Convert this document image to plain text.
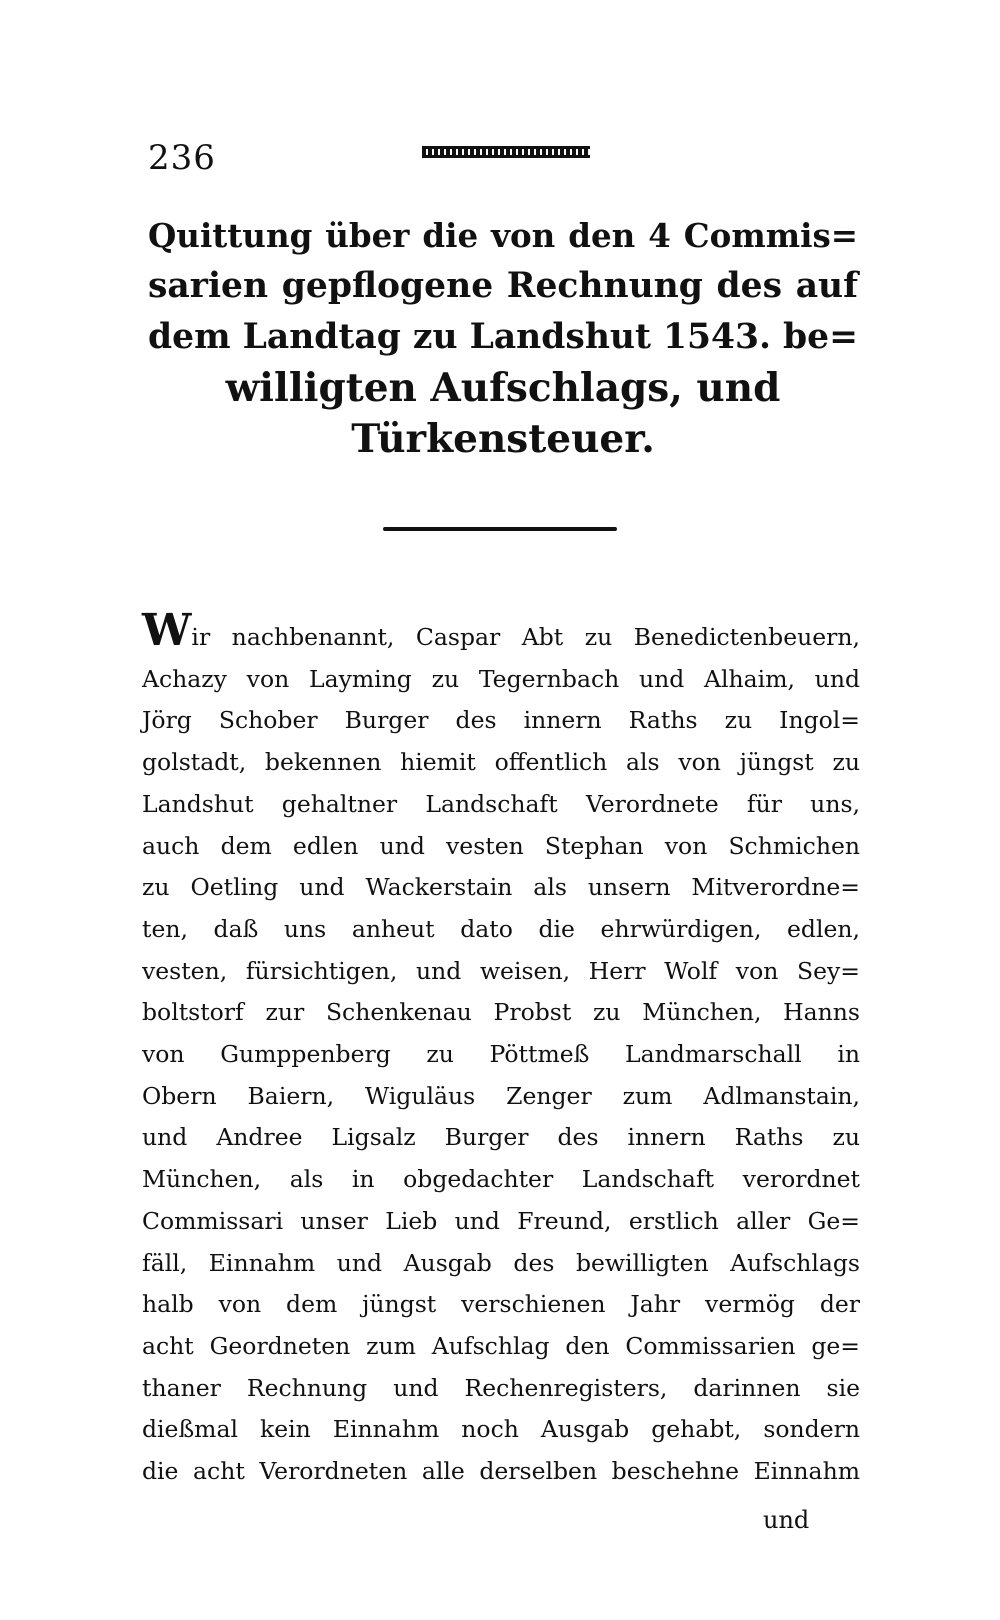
236
Quittung über die von den 4 Commis=
sarien gepflogene Rechnung des auf
dem Landtag zu Landshut 1543. be=
willigten Aufschlags, und
Türkensteuer.
Wir nachbenannt, Caspar Abt zu Benedictenbeuern,
Achazy von Layming zu Tegernbach und Alhaim, und
Jörg Schober Burger des innern Raths zu Ingol=
golstadt, bekennen hiemit offentlich als von jüngst zu
Landshut gehaltner Landschaft Verordnete für uns,
auch dem edlen und vesten Stephan von Schmichen
zu Oetling und Wackerstain als unsern Mitverordne=
ten, daß uns anheut dato die ehrwürdigen, edlen,
vesten, fürsichtigen, und weisen, Herr Wolf von Sey=
boltstorf zur Schenkenau Probst zu München, Hanns
von Gumppenberg zu Pöttmeß Landmarschall in
Obern Baiern, Wiguläus Zenger zum Adlmanstain,
und Andree Ligsalz Burger des innern Raths zu
München, als in obgedachter Landschaft verordnet
Commissari unser Lieb und Freund, erstlich aller Ge=
fäll, Einnahm und Ausgab des bewilligten Aufschlags
halb von dem jüngst verschienen Jahr vermög der
acht Geordneten zum Aufschlag den Commissarien ge=
thaner Rechnung und Rechenregisters, darinnen sie
dießmal kein Einnahm noch Ausgab gehabt, sondern
die acht Verordneten alle derselben beschehne Einnahm
und
